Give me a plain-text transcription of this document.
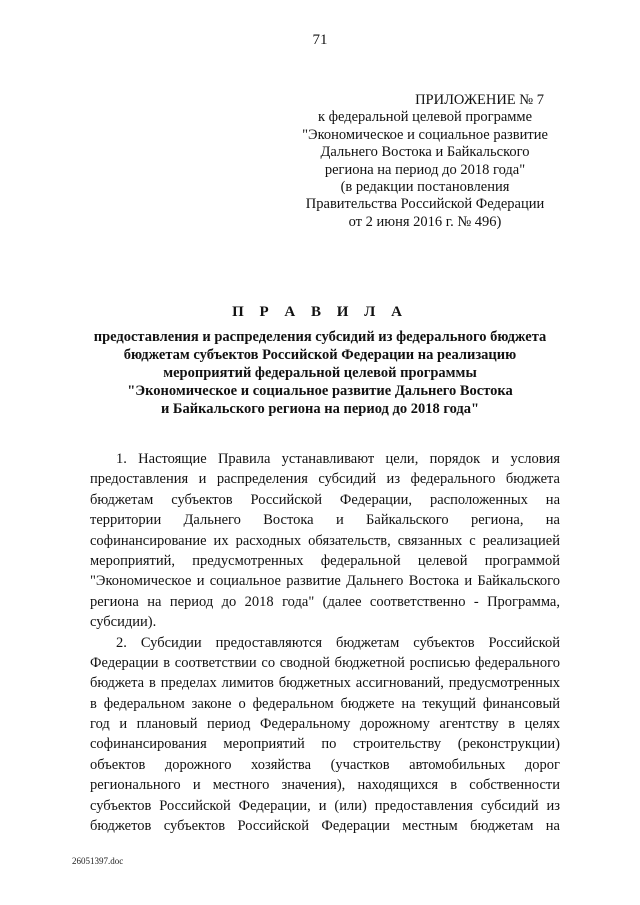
71
ПРИЛОЖЕНИЕ № 7
к федеральной целевой программе
"Экономическое и социальное развитие
Дальнего Востока и Байкальского
региона на период до 2018 года"
(в редакции постановления
Правительства Российской Федерации
от 2 июня 2016 г. № 496)
П Р А В И Л А
предоставления и распределения субсидий из федерального бюджета
бюджетам субъектов Российской Федерации на реализацию
мероприятий федеральной целевой программы
"Экономическое и социальное развитие Дальнего Востока
и Байкальского региона на период до 2018 года"
1. Настоящие Правила устанавливают цели, порядок и условия
предоставления и распределения субсидий из федерального бюджета
бюджетам субъектов Российской Федерации, расположенных на
территории Дальнего Востока и Байкальского региона, на
софинансирование их расходных обязательств, связанных с реализацией
мероприятий, предусмотренных федеральной целевой программой
"Экономическое и социальное развитие Дальнего Востока и Байкальского
региона на период до 2018 года" (далее соответственно - Программа,
субсидии).
2. Субсидии предоставляются бюджетам субъектов Российской
Федерации в соответствии со сводной бюджетной росписью федерального
бюджета в пределах лимитов бюджетных ассигнований, предусмотренных
в федеральном законе о федеральном бюджете на текущий финансовый
год и плановый период Федеральному дорожному агентству в целях
софинансирования мероприятий по строительству (реконструкции)
объектов дорожного хозяйства (участков автомобильных дорог
регионального и местного значения), находящихся в собственности
субъектов Российской Федерации, и (или) предоставления субсидий из
бюджетов субъектов Российской Федерации местным бюджетам на
26051397.doc
